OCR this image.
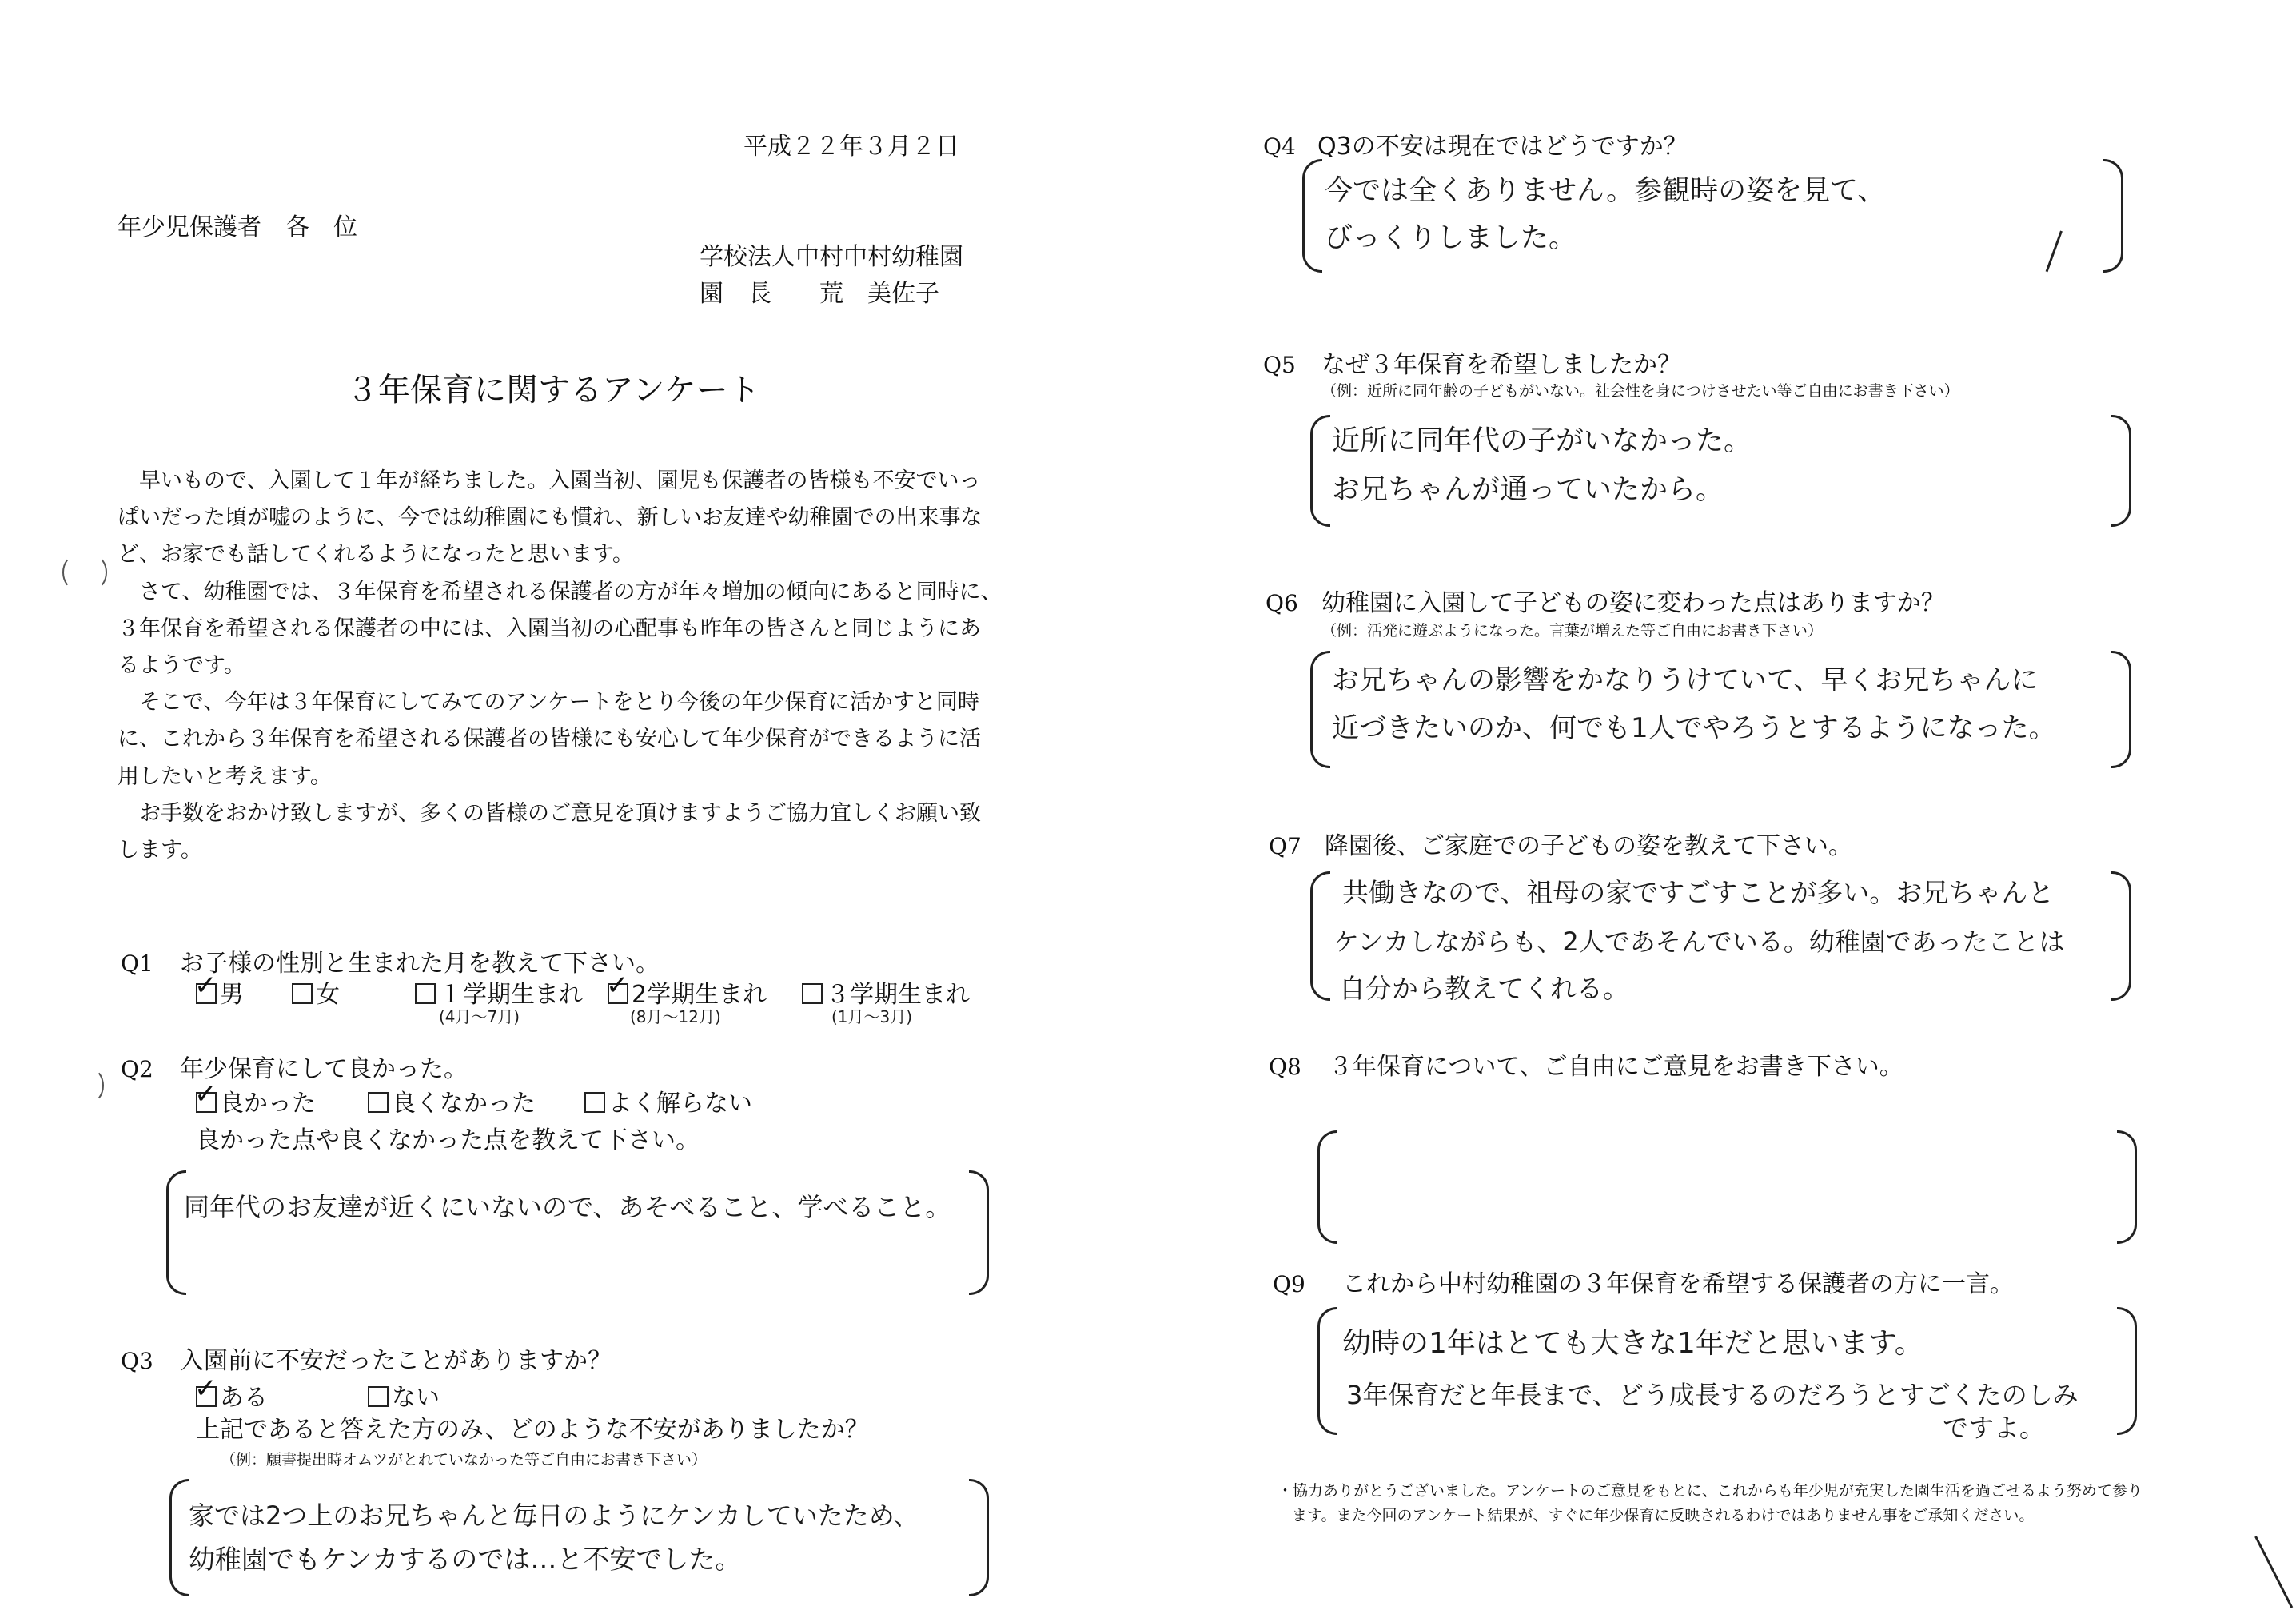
平成２２年３月２日
年少児保護者　各　位
学校法人中村中村幼稚園
園　長　　荒　美佐子
３年保育に関するアンケート
　早いもので、入園して１年が経ちました。入園当初、園児も保護者の皆様も不安でいっ
ぱいだった頃が嘘のように、今では幼稚園にも慣れ、新しいお友達や幼稚園での出来事な
ど、お家でも話してくれるようになったと思います。
　さて、幼稚園では、３年保育を希望される保護者の方が年々増加の傾向にあると同時に、
３年保育を希望される保護者の中には、入園当初の心配事も昨年の皆さんと同じようにあ
るようです。
　そこで、今年は３年保育にしてみてのアンケートをとり今後の年少保育に活かすと同時
に、これから３年保育を希望される保護者の皆様にも安心して年少保育ができるように活
用したいと考えます。
　お手数をおかけ致しますが、多くの皆様のご意見を頂けますようご協力宜しくお願い致
します。
Q1 お子様の性別と生まれた月を教えて下さい。
✓男	女	１学期生まれ
✓	2学期生まれ	３学期生まれ
(4月～7月)	(8月～12月)	(1月～3月)
Q2 年少保育にして良かった。
✓良かった	良くなかった	よく解らない
良かった点や良くなかった点を教えて下さい。
同年代のお友達が近くにいないので、あそべること、学べること。
Q3 入園前に不安だったことがありますか？
✓ある	ない
上記であると答えた方のみ、どのような不安がありましたか？
（例：願書提出時オムツがとれていなかった等ご自由にお書き下さい）
家では2つ上のお兄ちゃんと毎日のようにケンカしていたため、
幼稚園でもケンカするのでは…と不安でした。
Q4 Q3の不安は現在ではどうですか？
今では全くありません。参観時の姿を見て、
びっくりしました。
Q5 なぜ３年保育を希望しましたか？
（例：近所に同年齢の子どもがいない。社会性を身につけさせたい等ご自由にお書き下さい）
近所に同年代の子がいなかった。
お兄ちゃんが通っていたから。
Q6 幼稚園に入園して子どもの姿に変わった点はありますか？
（例：活発に遊ぶようになった。言葉が増えた等ご自由にお書き下さい）
お兄ちゃんの影響をかなりうけていて、早くお兄ちゃんに
近づきたいのか、何でも1人でやろうとするようになった。
Q7 降園後、ご家庭での子どもの姿を教えて下さい。
共働きなので、祖母の家ですごすことが多い。お兄ちゃんと
ケンカしながらも、2人であそんでいる。幼稚園であったことは
自分から教えてくれる。
Q8 ３年保育について、ご自由にご意見をお書き下さい。
Q9 これから中村幼稚園の３年保育を希望する保護者の方に一言。
幼時の1年はとても大きな1年だと思います。
3年保育だと年長まで、どう成長するのだろうとすごくたのしみ
ですよ。
・協力ありがとうございました。アンケートのご意見をもとに、これからも年少児が充実した園生活を過ごせるよう努めて参り
ます。また今回のアンケート結果が、すぐに年少保育に反映されるわけではありません事をご承知ください。
